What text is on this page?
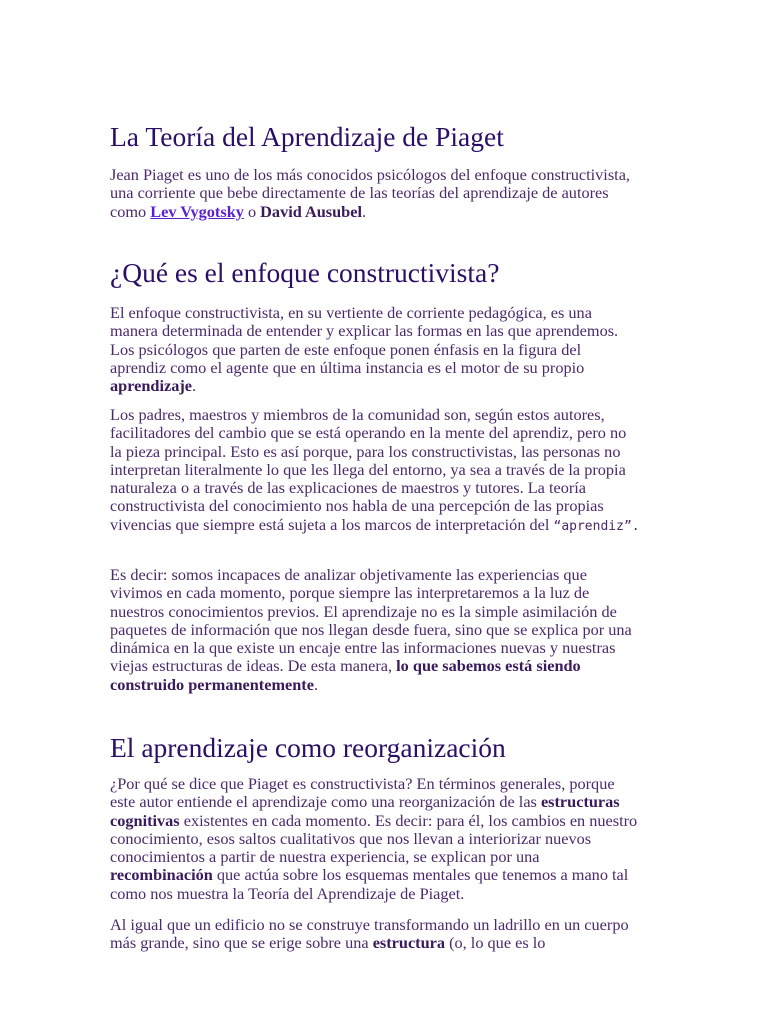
La Teoría del Aprendizaje de Piaget

Jean Piaget es uno de los más conocidos psicólogos del enfoque constructivista, una corriente que bebe directamente de las teorías del aprendizaje de autores como Lev Vygotsky o David Ausubel.

¿Qué es el enfoque constructivista?

El enfoque constructivista, en su vertiente de corriente pedagógica, es una manera determinada de entender y explicar las formas en las que aprendemos. Los psicólogos que parten de este enfoque ponen énfasis en la figura del aprendiz como el agente que en última instancia es el motor de su propio aprendizaje.

Los padres, maestros y miembros de la comunidad son, según estos autores, facilitadores del cambio que se está operando en la mente del aprendiz, pero no la pieza principal. Esto es así porque, para los constructivistas, las personas no interpretan literalmente lo que les llega del entorno, ya sea a través de la propia naturaleza o a través de las explicaciones de maestros y tutores. La teoría constructivista del conocimiento nos habla de una percepción de las propias vivencias que siempre está sujeta a los marcos de interpretación del “aprendiz”.

Es decir: somos incapaces de analizar objetivamente las experiencias que vivimos en cada momento, porque siempre las interpretaremos a la luz de nuestros conocimientos previos. El aprendizaje no es la simple asimilación de paquetes de información que nos llegan desde fuera, sino que se explica por una dinámica en la que existe un encaje entre las informaciones nuevas y nuestras viejas estructuras de ideas. De esta manera, lo que sabemos está siendo construido permanentemente.

El aprendizaje como reorganización

¿Por qué se dice que Piaget es constructivista? En términos generales, porque este autor entiende el aprendizaje como una reorganización de las estructuras cognitivas existentes en cada momento. Es decir: para él, los cambios en nuestro conocimiento, esos saltos cualitativos que nos llevan a interiorizar nuevos conocimientos a partir de nuestra experiencia, se explican por una recombinación que actúa sobre los esquemas mentales que tenemos a mano tal como nos muestra la Teoría del Aprendizaje de Piaget.

Al igual que un edificio no se construye transformando un ladrillo en un cuerpo más grande, sino que se erige sobre una estructura (o, lo que es lo
